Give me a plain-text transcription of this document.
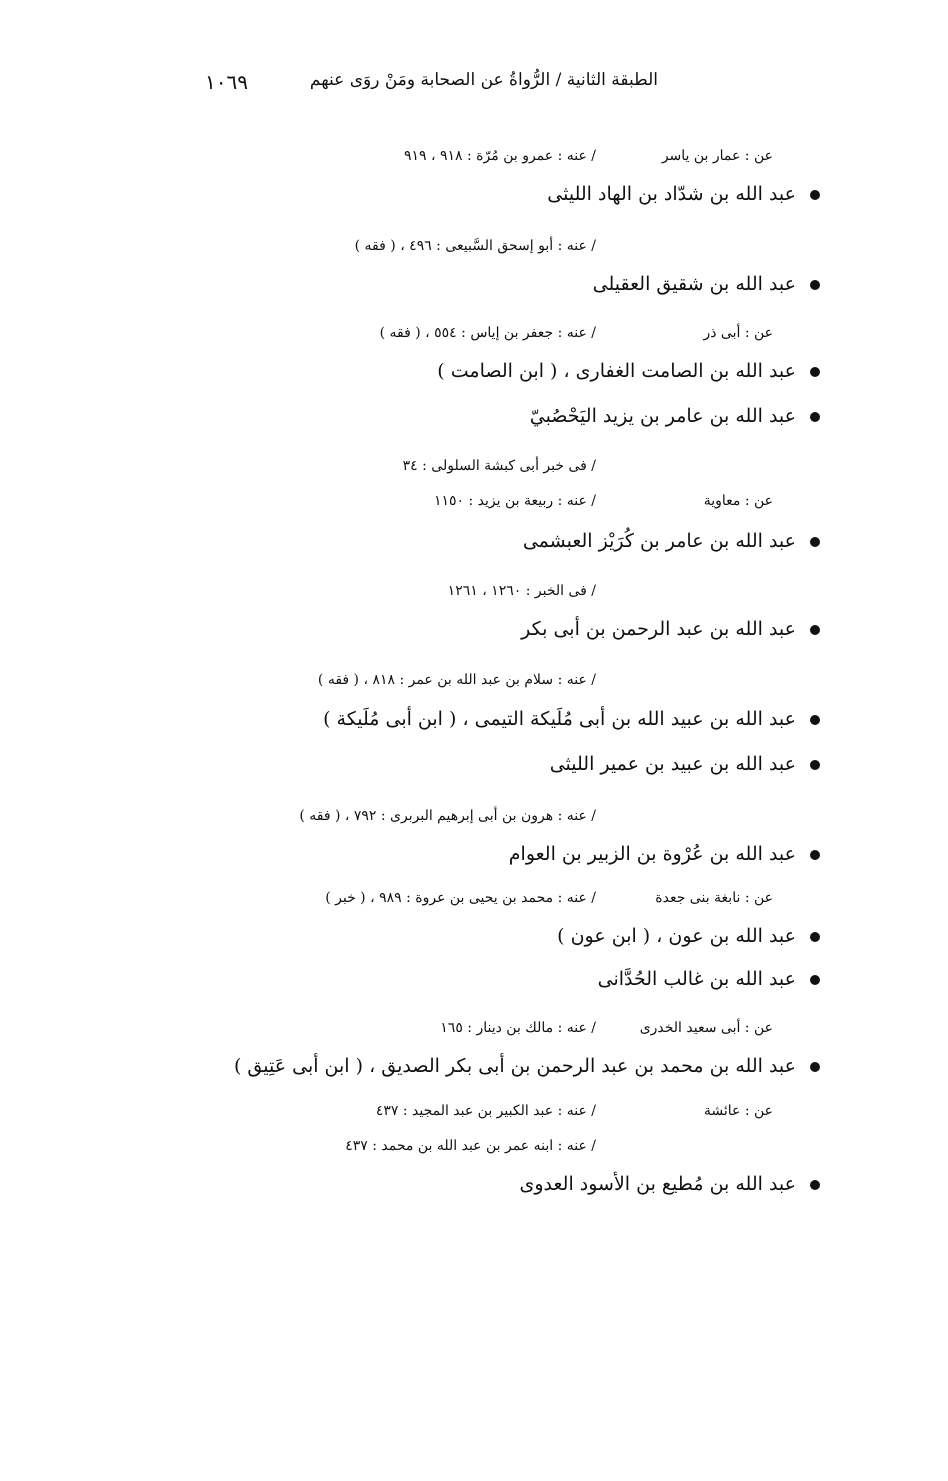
الطبقة الثانية / الرُّواةُ عن الصحابة ومَنْ روَى عنهم
١٠٦٩
عن : عمار بن ياسر
/ عنه : عمرو بن مُرّة : ٩١٨ ، ٩١٩
عبد الله بن شدّاد بن الهاد الليثى
/ عنه : أبو إسحق السَّبيعى : ٤٩٦ ، ( فقه )
عبد الله بن شقيق العقيلى
عن : أبى ذر
/ عنه : جعفر بن إياس : ٥٥٤ ، ( فقه )
عبد الله بن الصامت الغفارى ، ( ابن الصامت )
عبد الله بن عامر بن يزيد اليَحْصُبيّ
/ فى خبر أبى كبشة السلولى : ٣٤
عن : معاوية
/ عنه : ربيعة بن يزيد : ١١٥٠
عبد الله بن عامر بن كُرَيْز العبشمى
/ فى الخبر : ١٢٦٠ ، ١٢٦١
عبد الله بن عبد الرحمن بن أبى بكر
/ عنه : سلام بن عبد الله بن عمر : ٨١٨ ، ( فقه )
عبد الله بن عبيد الله بن أبى مُلَيكة التيمى ، ( ابن أبى مُلَيكة )
عبد الله بن عبيد بن عمير الليثى
/ عنه : هرون بن أبى إبرهيم البربرى : ٧٩٢ ، ( فقه )
عبد الله بن عُرْوة بن الزبير بن العوام
عن : نابغة بنى جعدة
/ عنه : محمد بن يحيى بن عروة : ٩٨٩ ، ( خبر )
عبد الله بن عون ، ( ابن عون )
عبد الله بن غالب الحُدَّانى
عن : أبى سعيد الخدرى
/ عنه : مالك بن دينار : ١٦٥
عبد الله بن محمد بن عبد الرحمن بن أبى بكر الصديق ، ( ابن أبى عَتِيق )
عن : عائشة
/ عنه : عبد الكبير بن عبد المجيد : ٤٣٧
/ عنه : ابنه عمر بن عبد الله بن محمد : ٤٣٧
عبد الله بن مُطيع بن الأسود العدوى
